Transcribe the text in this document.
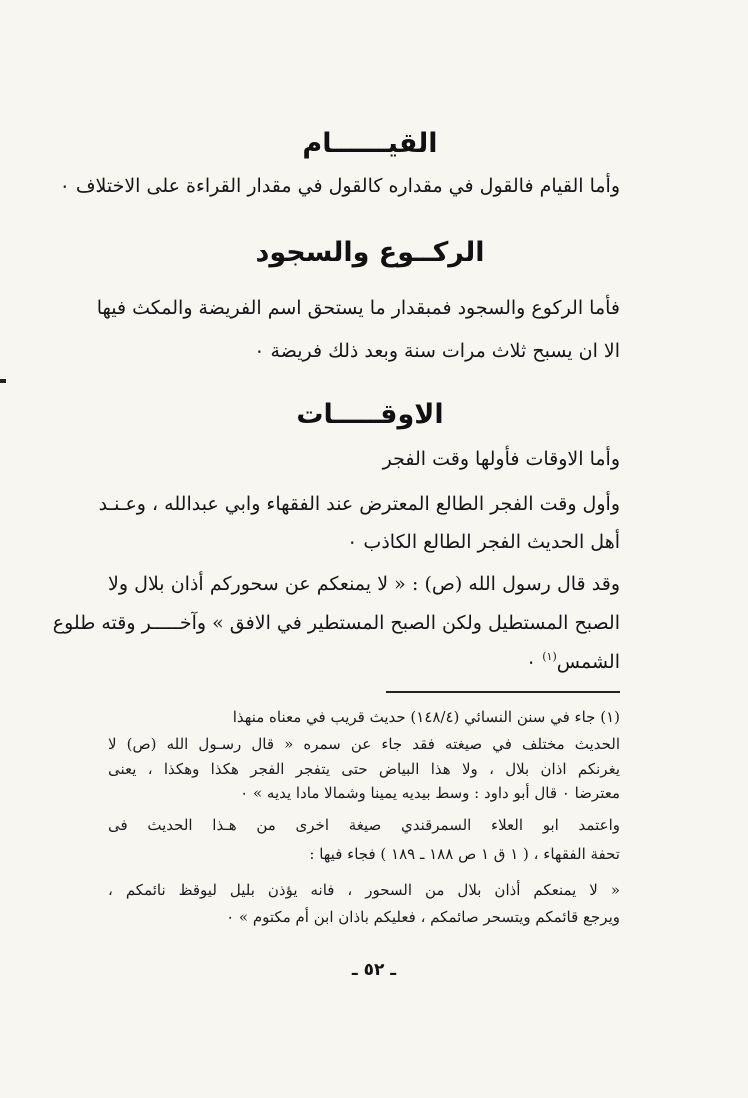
القيــــــام
وأما القيام فالقول في مقداره كالقول في مقدار القراءة على الاختلاف ٠
الركــوع والسجود
فأما الركوع والسجود فمبقدار ما يستحق اسم الفريضة والمكث فيها
الا ان يسبح ثلاث مرات سنة وبعد ذلك فريضة ٠
الاوقـــــات
وأما الاوقات فأولها وقت الفجر
وأول وقت الفجر الطالع المعترض عند الفقهاء وابي عبدالله ، وعـنـد
أهل الحديث الفجر الطالع الكاذب ٠
وقد قال رسول الله (ص) : « لا يمنعكم عن سحوركم أذان بلال ولا
الصبح المستطيل ولكن الصبح المستطير في الافق » وآخـــــر وقته طلوع
الشمس$^{(١)}$ ٠
(١) جاء في سنن النسائي (١٤٨/٤) حديث قريب في معناه منهذا
الحديث مختلف في صيغته فقد جاء عن سمره « قال رسـول الله (ص) لا
يغرنكم اذان بلال ، ولا هذا البياض حتى يتفجر الفجر هكذا وهكذا ، يعنى
معترضا ٠ قال أبو داود : وسط بيديه يمينا وشمالا مادا يديه » ٠
واعتمد ابو العلاء السمرقندي صيغة اخرى من هـذا الحديث فى
تحفة الفقهاء ، ( ١ ق ١ ص ١٨٨ ـ ١٨٩ ) فجاء فيها :
« لا يمنعكم أذان بلال من السحور ، فانه يؤذن بليل ليوقظ نائمكم ،
ويرجع قائمكم ويتسحر صائمكم ، فعليكم باذان ابن أم مكتوم » ٠
ـ ٥٢ ـ
